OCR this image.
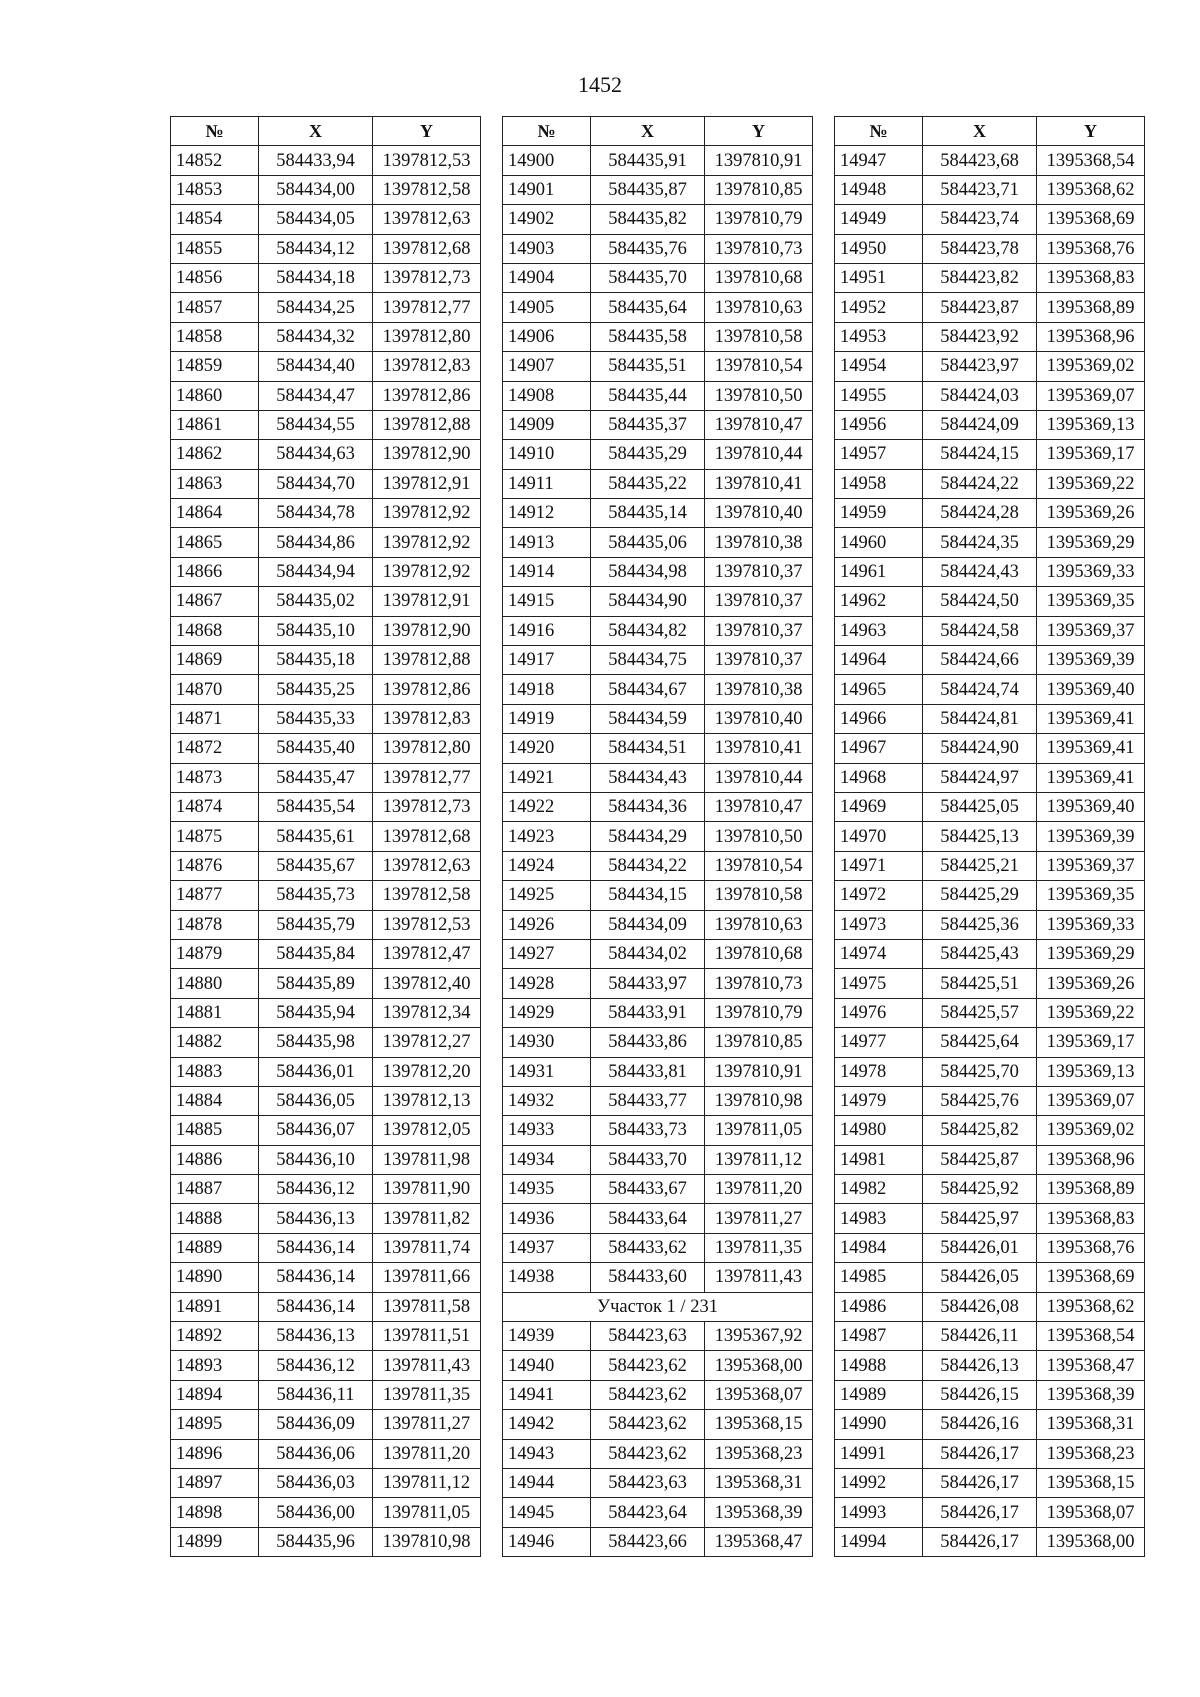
1452
№	X	Y
14852	584433,94	1397812,53
14853	584434,00	1397812,58
14854	584434,05	1397812,63
14855	584434,12	1397812,68
14856	584434,18	1397812,73
14857	584434,25	1397812,77
14858	584434,32	1397812,80
14859	584434,40	1397812,83
14860	584434,47	1397812,86
14861	584434,55	1397812,88
14862	584434,63	1397812,90
14863	584434,70	1397812,91
14864	584434,78	1397812,92
14865	584434,86	1397812,92
14866	584434,94	1397812,92
14867	584435,02	1397812,91
14868	584435,10	1397812,90
14869	584435,18	1397812,88
14870	584435,25	1397812,86
14871	584435,33	1397812,83
14872	584435,40	1397812,80
14873	584435,47	1397812,77
14874	584435,54	1397812,73
14875	584435,61	1397812,68
14876	584435,67	1397812,63
14877	584435,73	1397812,58
14878	584435,79	1397812,53
14879	584435,84	1397812,47
14880	584435,89	1397812,40
14881	584435,94	1397812,34
14882	584435,98	1397812,27
14883	584436,01	1397812,20
14884	584436,05	1397812,13
14885	584436,07	1397812,05
14886	584436,10	1397811,98
14887	584436,12	1397811,90
14888	584436,13	1397811,82
14889	584436,14	1397811,74
14890	584436,14	1397811,66
14891	584436,14	1397811,58
14892	584436,13	1397811,51
14893	584436,12	1397811,43
14894	584436,11	1397811,35
14895	584436,09	1397811,27
14896	584436,06	1397811,20
14897	584436,03	1397811,12
14898	584436,00	1397811,05
14899	584435,96	1397810,98
№	X	Y
14900	584435,91	1397810,91
14901	584435,87	1397810,85
14902	584435,82	1397810,79
14903	584435,76	1397810,73
14904	584435,70	1397810,68
14905	584435,64	1397810,63
14906	584435,58	1397810,58
14907	584435,51	1397810,54
14908	584435,44	1397810,50
14909	584435,37	1397810,47
14910	584435,29	1397810,44
14911	584435,22	1397810,41
14912	584435,14	1397810,40
14913	584435,06	1397810,38
14914	584434,98	1397810,37
14915	584434,90	1397810,37
14916	584434,82	1397810,37
14917	584434,75	1397810,37
14918	584434,67	1397810,38
14919	584434,59	1397810,40
14920	584434,51	1397810,41
14921	584434,43	1397810,44
14922	584434,36	1397810,47
14923	584434,29	1397810,50
14924	584434,22	1397810,54
14925	584434,15	1397810,58
14926	584434,09	1397810,63
14927	584434,02	1397810,68
14928	584433,97	1397810,73
14929	584433,91	1397810,79
14930	584433,86	1397810,85
14931	584433,81	1397810,91
14932	584433,77	1397810,98
14933	584433,73	1397811,05
14934	584433,70	1397811,12
14935	584433,67	1397811,20
14936	584433,64	1397811,27
14937	584433,62	1397811,35
14938	584433,60	1397811,43
Участок 1 / 231		
14939	584423,63	1395367,92
14940	584423,62	1395368,00
14941	584423,62	1395368,07
14942	584423,62	1395368,15
14943	584423,62	1395368,23
14944	584423,63	1395368,31
14945	584423,64	1395368,39
14946	584423,66	1395368,47
№	X	Y
14947	584423,68	1395368,54
14948	584423,71	1395368,62
14949	584423,74	1395368,69
14950	584423,78	1395368,76
14951	584423,82	1395368,83
14952	584423,87	1395368,89
14953	584423,92	1395368,96
14954	584423,97	1395369,02
14955	584424,03	1395369,07
14956	584424,09	1395369,13
14957	584424,15	1395369,17
14958	584424,22	1395369,22
14959	584424,28	1395369,26
14960	584424,35	1395369,29
14961	584424,43	1395369,33
14962	584424,50	1395369,35
14963	584424,58	1395369,37
14964	584424,66	1395369,39
14965	584424,74	1395369,40
14966	584424,81	1395369,41
14967	584424,90	1395369,41
14968	584424,97	1395369,41
14969	584425,05	1395369,40
14970	584425,13	1395369,39
14971	584425,21	1395369,37
14972	584425,29	1395369,35
14973	584425,36	1395369,33
14974	584425,43	1395369,29
14975	584425,51	1395369,26
14976	584425,57	1395369,22
14977	584425,64	1395369,17
14978	584425,70	1395369,13
14979	584425,76	1395369,07
14980	584425,82	1395369,02
14981	584425,87	1395368,96
14982	584425,92	1395368,89
14983	584425,97	1395368,83
14984	584426,01	1395368,76
14985	584426,05	1395368,69
14986	584426,08	1395368,62
14987	584426,11	1395368,54
14988	584426,13	1395368,47
14989	584426,15	1395368,39
14990	584426,16	1395368,31
14991	584426,17	1395368,23
14992	584426,17	1395368,15
14993	584426,17	1395368,07
14994	584426,17	1395368,00
